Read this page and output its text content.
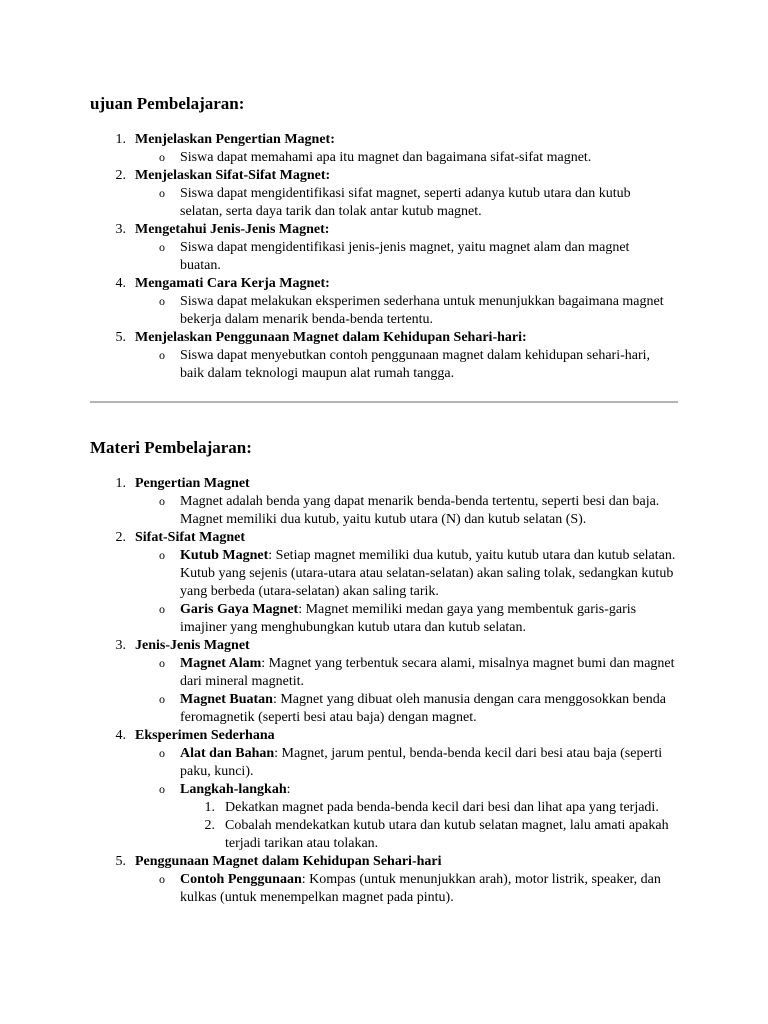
ujuan Pembelajaran:
1. Menjelaskan Pengertian Magnet:
o Siswa dapat memahami apa itu magnet dan bagaimana sifat-sifat magnet.
2. Menjelaskan Sifat-Sifat Magnet:
o Siswa dapat mengidentifikasi sifat magnet, seperti adanya kutub utara dan kutub selatan, serta daya tarik dan tolak antar kutub magnet.
3. Mengetahui Jenis-Jenis Magnet:
o Siswa dapat mengidentifikasi jenis-jenis magnet, yaitu magnet alam dan magnet buatan.
4. Mengamati Cara Kerja Magnet:
o Siswa dapat melakukan eksperimen sederhana untuk menunjukkan bagaimana magnet bekerja dalam menarik benda-benda tertentu.
5. Menjelaskan Penggunaan Magnet dalam Kehidupan Sehari-hari:
o Siswa dapat menyebutkan contoh penggunaan magnet dalam kehidupan sehari-hari, baik dalam teknologi maupun alat rumah tangga.
Materi Pembelajaran:
1. Pengertian Magnet
o Magnet adalah benda yang dapat menarik benda-benda tertentu, seperti besi dan baja. Magnet memiliki dua kutub, yaitu kutub utara (N) dan kutub selatan (S).
2. Sifat-Sifat Magnet
o Kutub Magnet: Setiap magnet memiliki dua kutub, yaitu kutub utara dan kutub selatan. Kutub yang sejenis (utara-utara atau selatan-selatan) akan saling tolak, sedangkan kutub yang berbeda (utara-selatan) akan saling tarik.
o Garis Gaya Magnet: Magnet memiliki medan gaya yang membentuk garis-garis imajiner yang menghubungkan kutub utara dan kutub selatan.
3. Jenis-Jenis Magnet
o Magnet Alam: Magnet yang terbentuk secara alami, misalnya magnet bumi dan magnet dari mineral magnetit.
o Magnet Buatan: Magnet yang dibuat oleh manusia dengan cara menggosokkan benda feromagnetik (seperti besi atau baja) dengan magnet.
4. Eksperimen Sederhana
o Alat dan Bahan: Magnet, jarum pentul, benda-benda kecil dari besi atau baja (seperti paku, kunci).
o Langkah-langkah:
1. Dekatkan magnet pada benda-benda kecil dari besi dan lihat apa yang terjadi.
2. Cobalah mendekatkan kutub utara dan kutub selatan magnet, lalu amati apakah terjadi tarikan atau tolakan.
5. Penggunaan Magnet dalam Kehidupan Sehari-hari
o Contoh Penggunaan: Kompas (untuk menunjukkan arah), motor listrik, speaker, dan kulkas (untuk menempelkan magnet pada pintu).
